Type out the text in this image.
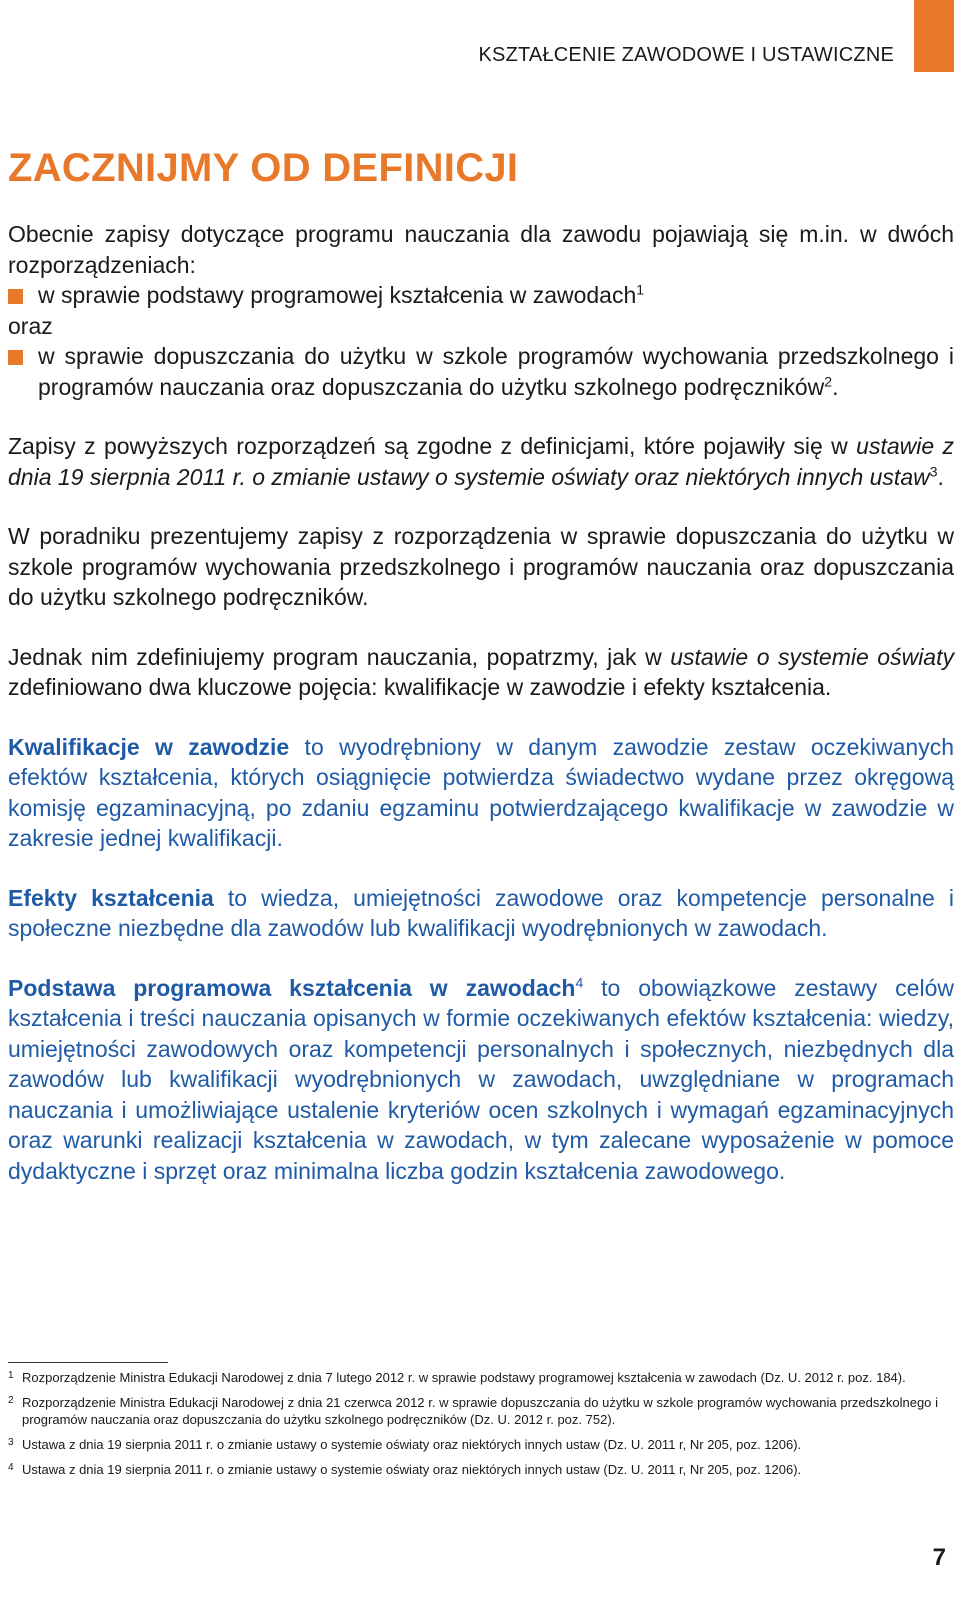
KSZTAŁCENIE ZAWODOWE I USTAWICZNE
ZACZNIJMY OD DEFINICJI

Obecnie zapisy dotyczące programu nauczania dla zawodu pojawiają się m.in. w dwóch rozporządzeniach:

w sprawie podstawy programowej kształcenia w zawodach$^1$
oraz
w sprawie dopuszczania do użytku w szkole programów wychowania przedszkolnego i programów nauczania oraz dopuszczania do użytku szkolnego podręczników$^2$.

Zapisy z powyższych rozporządzeń są zgodne z definicjami, które pojawiły się w ustawie z dnia 19 sierpnia 2011 r. o zmianie ustawy o systemie oświaty oraz niektórych innych ustaw$^3$.

W poradniku prezentujemy zapisy z rozporządzenia w sprawie dopuszczania do użytku w szkole programów wychowania przedszkolnego i programów nauczania oraz dopuszczania do użytku szkolnego podręczników.

Jednak nim zdefiniujemy program nauczania, popatrzmy, jak w ustawie o systemie oświaty zdefiniowano dwa kluczowe pojęcia: kwalifikacje w zawodzie i efekty kształcenia.

Kwalifikacje w zawodzie to wyodrębniony w danym zawodzie zestaw oczekiwanych efektów kształcenia, których osiągnięcie potwierdza świadectwo wydane przez okręgową komisję egzaminacyjną, po zdaniu egzaminu potwierdzającego kwalifikacje w zawodzie w zakresie jednej kwalifikacji.

Efekty kształcenia to wiedza, umiejętności zawodowe oraz kompetencje personalne i społeczne niezbędne dla zawodów lub kwalifikacji wyodrębnionych w zawodach.

Podstawa programowa kształcenia w zawodach$^4$ to obowiązkowe zestawy celów kształcenia i treści nauczania opisanych w formie oczekiwanych efektów kształcenia: wiedzy, umiejętności zawodowych oraz kompetencji personalnych i społecznych, niezbędnych dla zawodów lub kwalifikacji wyodrębnionych w zawodach, uwzględniane w programach nauczania i umożliwiające ustalenie kryteriów ocen szkolnych i wymagań egzaminacyjnych oraz warunki realizacji kształcenia w zawodach, w tym zalecane wyposażenie w pomoce dydaktyczne i sprzęt oraz minimalna liczba godzin kształcenia zawodowego.

1 Rozporządzenie Ministra Edukacji Narodowej z dnia 7 lutego 2012 r. w sprawie podstawy programowej kształcenia w zawodach (Dz. U. 2012 r. poz. 184).
2 Rozporządzenie Ministra Edukacji Narodowej z dnia 21 czerwca 2012 r. w sprawie dopuszczania do użytku w szkole programów wychowania przedszkolnego i programów nauczania oraz dopuszczania do użytku szkolnego podręczników (Dz. U. 2012 r. poz. 752).
3 Ustawa z dnia 19 sierpnia 2011 r. o zmianie ustawy o systemie oświaty oraz niektórych innych ustaw (Dz. U. 2011 r, Nr 205, poz. 1206).
4 Ustawa z dnia 19 sierpnia 2011 r. o zmianie ustawy o systemie oświaty oraz niektórych innych ustaw (Dz. U. 2011 r, Nr 205, poz. 1206).
7
